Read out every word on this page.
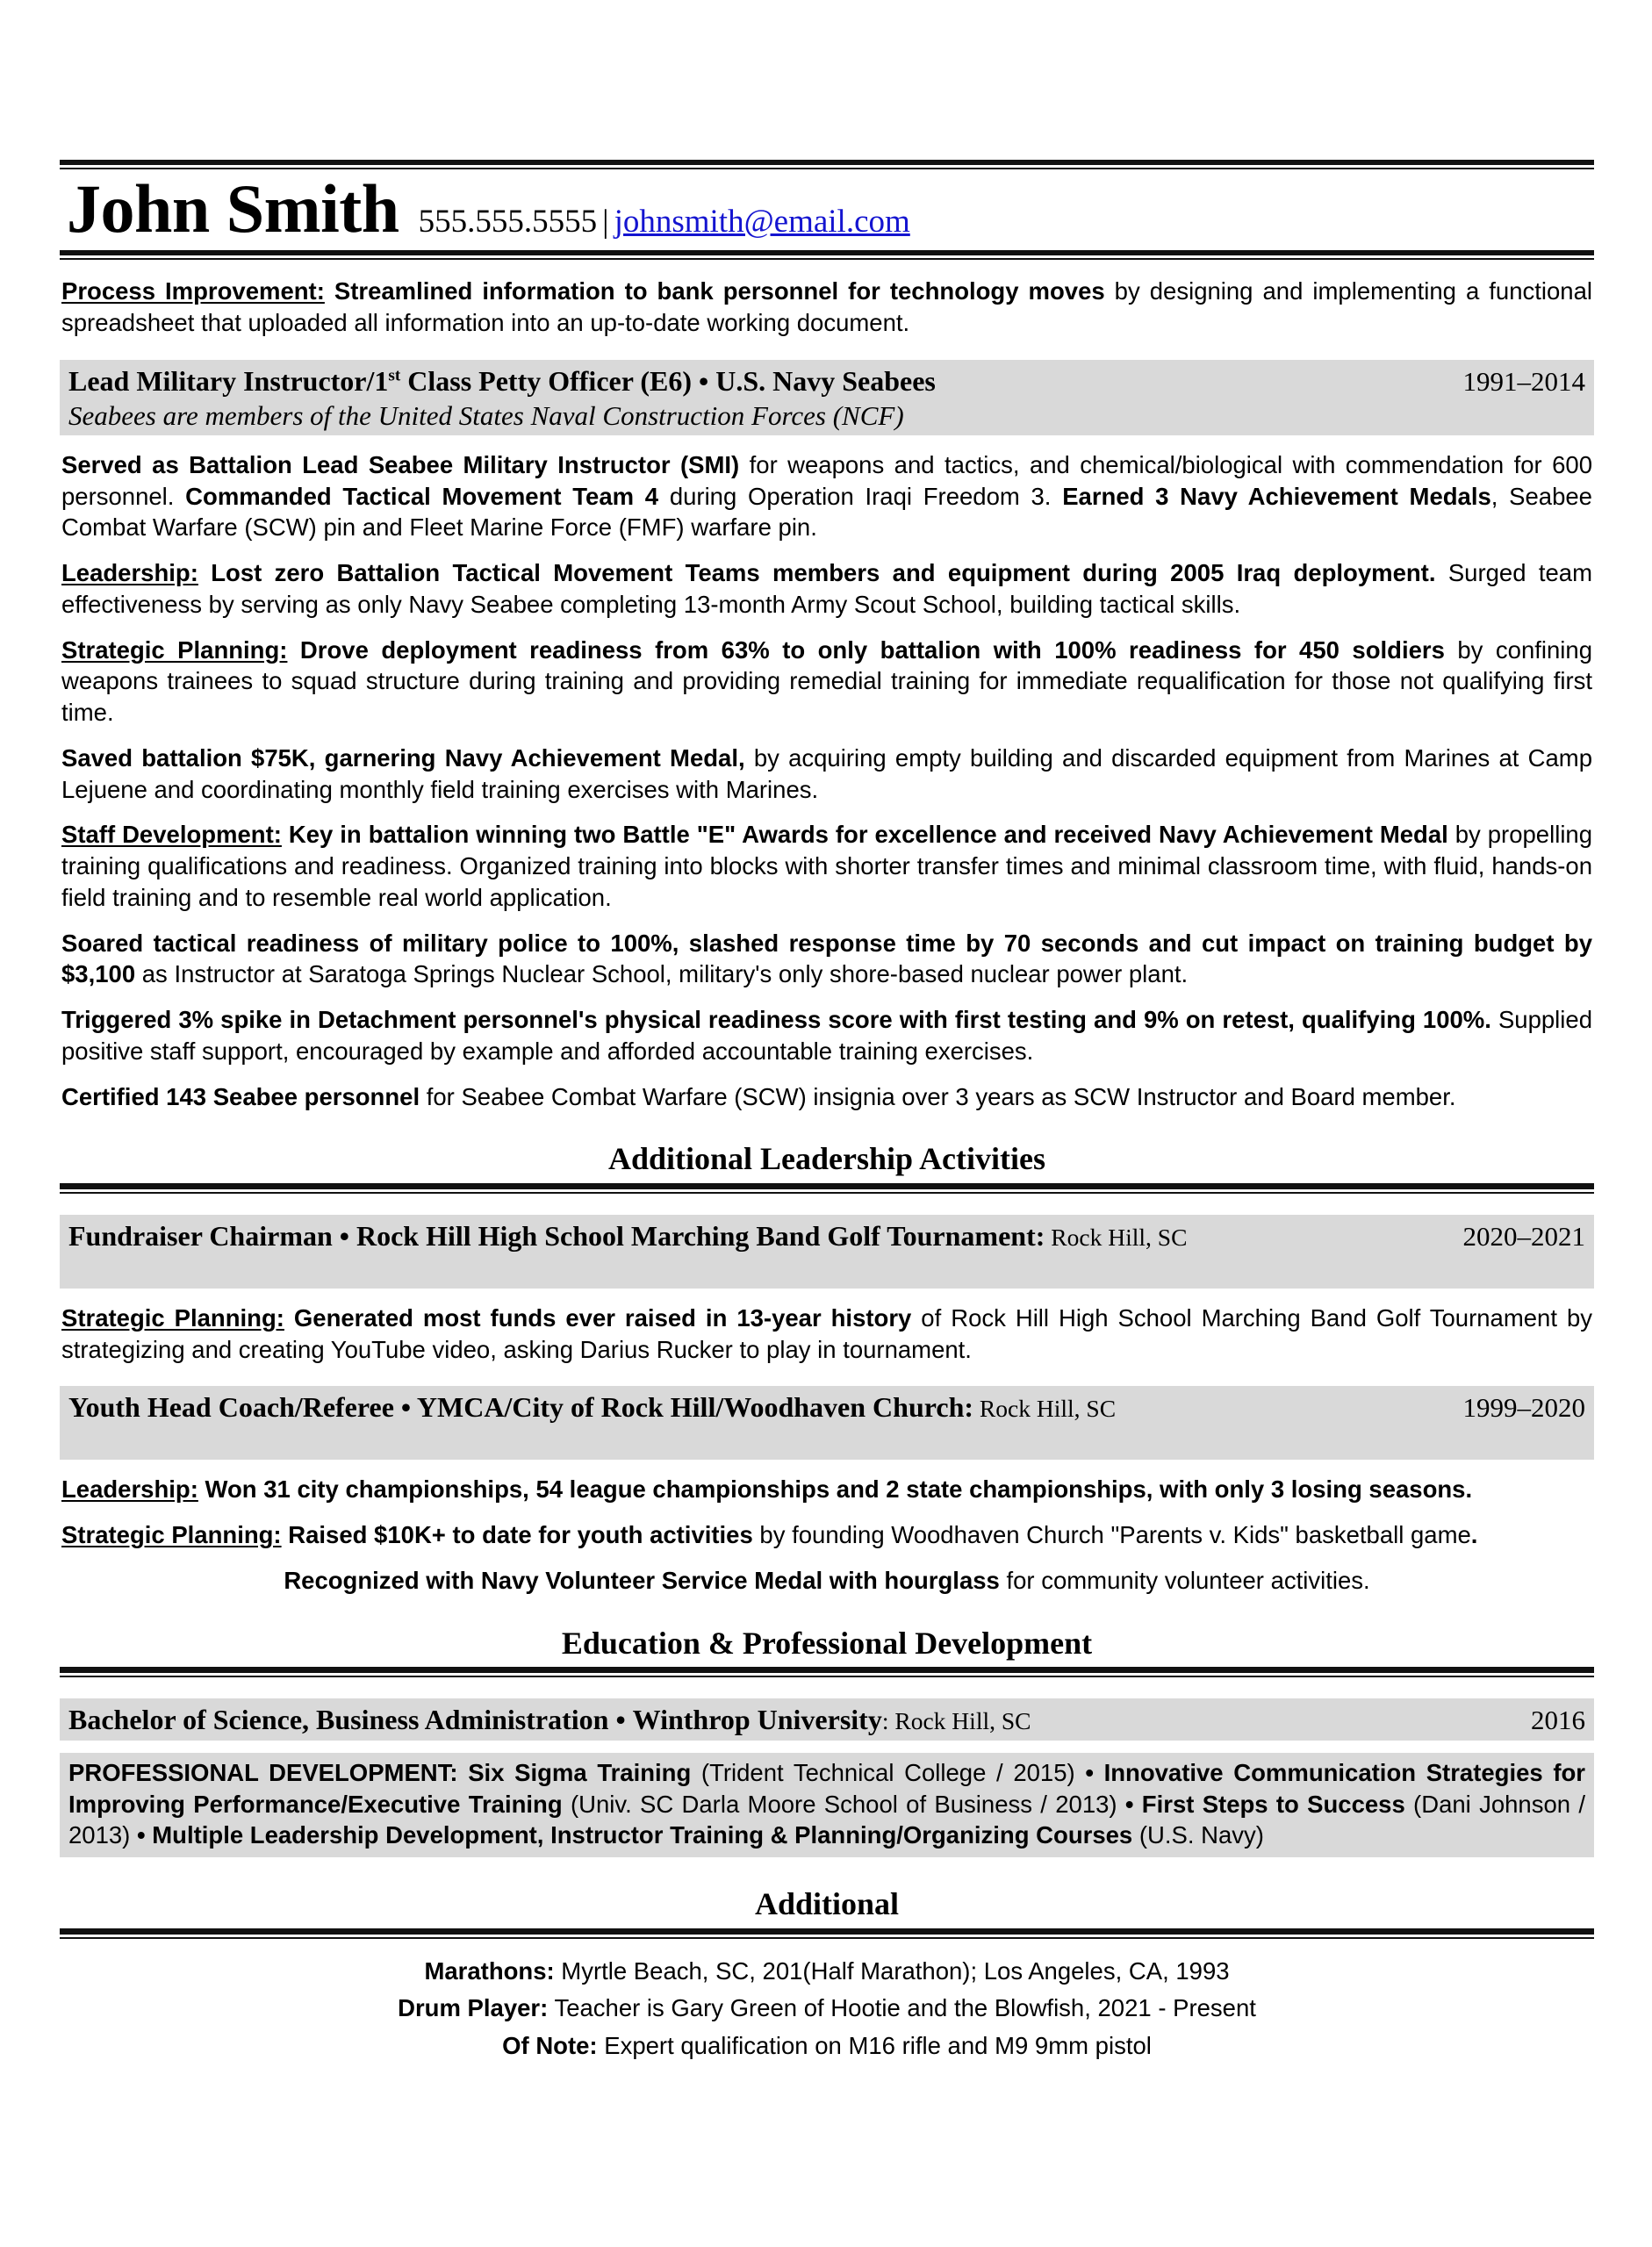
John Smith 555.555.5555 | johnsmith@email.com
Process Improvement: Streamlined information to bank personnel for technology moves by designing and implementing a functional spreadsheet that uploaded all information into an up-to-date working document.
Lead Military Instructor/1st Class Petty Officer (E6) • U.S. Navy Seabees	1991–2014
Seabees are members of the United States Naval Construction Forces (NCF)
Served as Battalion Lead Seabee Military Instructor (SMI) for weapons and tactics, and chemical/biological with commendation for 600 personnel. Commanded Tactical Movement Team 4 during Operation Iraqi Freedom 3. Earned 3 Navy Achievement Medals, Seabee Combat Warfare (SCW) pin and Fleet Marine Force (FMF) warfare pin.
Leadership: Lost zero Battalion Tactical Movement Teams members and equipment during 2005 Iraq deployment. Surged team effectiveness by serving as only Navy Seabee completing 13-month Army Scout School, building tactical skills.
Strategic Planning: Drove deployment readiness from 63% to only battalion with 100% readiness for 450 soldiers by confining weapons trainees to squad structure during training and providing remedial training for immediate requalification for those not qualifying first time.
Saved battalion $75K, garnering Navy Achievement Medal, by acquiring empty building and discarded equipment from Marines at Camp Lejuene and coordinating monthly field training exercises with Marines.
Staff Development: Key in battalion winning two Battle "E" Awards for excellence and received Navy Achievement Medal by propelling training qualifications and readiness. Organized training into blocks with shorter transfer times and minimal classroom time, with fluid, hands-on field training and to resemble real world application.
Soared tactical readiness of military police to 100%, slashed response time by 70 seconds and cut impact on training budget by $3,100 as Instructor at Saratoga Springs Nuclear School, military's only shore-based nuclear power plant.
Triggered 3% spike in Detachment personnel's physical readiness score with first testing and 9% on retest, qualifying 100%. Supplied positive staff support, encouraged by example and afforded accountable training exercises.
Certified 143 Seabee personnel for Seabee Combat Warfare (SCW) insignia over 3 years as SCW Instructor and Board member.
Additional Leadership Activities
Fundraiser Chairman • Rock Hill High School Marching Band Golf Tournament: Rock Hill, SC	2020–2021
Strategic Planning: Generated most funds ever raised in 13-year history of Rock Hill High School Marching Band Golf Tournament by strategizing and creating YouTube video, asking Darius Rucker to play in tournament.
Youth Head Coach/Referee • YMCA/City of Rock Hill/Woodhaven Church: Rock Hill, SC	1999–2020
Leadership: Won 31 city championships, 54 league championships and 2 state championships, with only 3 losing seasons.
Strategic Planning: Raised $10K+ to date for youth activities by founding Woodhaven Church "Parents v. Kids" basketball game.
Recognized with Navy Volunteer Service Medal with hourglass for community volunteer activities.
Education & Professional Development
Bachelor of Science, Business Administration • Winthrop University: Rock Hill, SC	2016
PROFESSIONAL DEVELOPMENT: Six Sigma Training (Trident Technical College / 2015) • Innovative Communication Strategies for Improving Performance/Executive Training (Univ. SC Darla Moore School of Business / 2013) • First Steps to Success (Dani Johnson / 2013) • Multiple Leadership Development, Instructor Training & Planning/Organizing Courses (U.S. Navy)
Additional
Marathons: Myrtle Beach, SC, 201(Half Marathon); Los Angeles, CA, 1993
Drum Player: Teacher is Gary Green of Hootie and the Blowfish, 2021 - Present
Of Note: Expert qualification on M16 rifle and M9 9mm pistol
